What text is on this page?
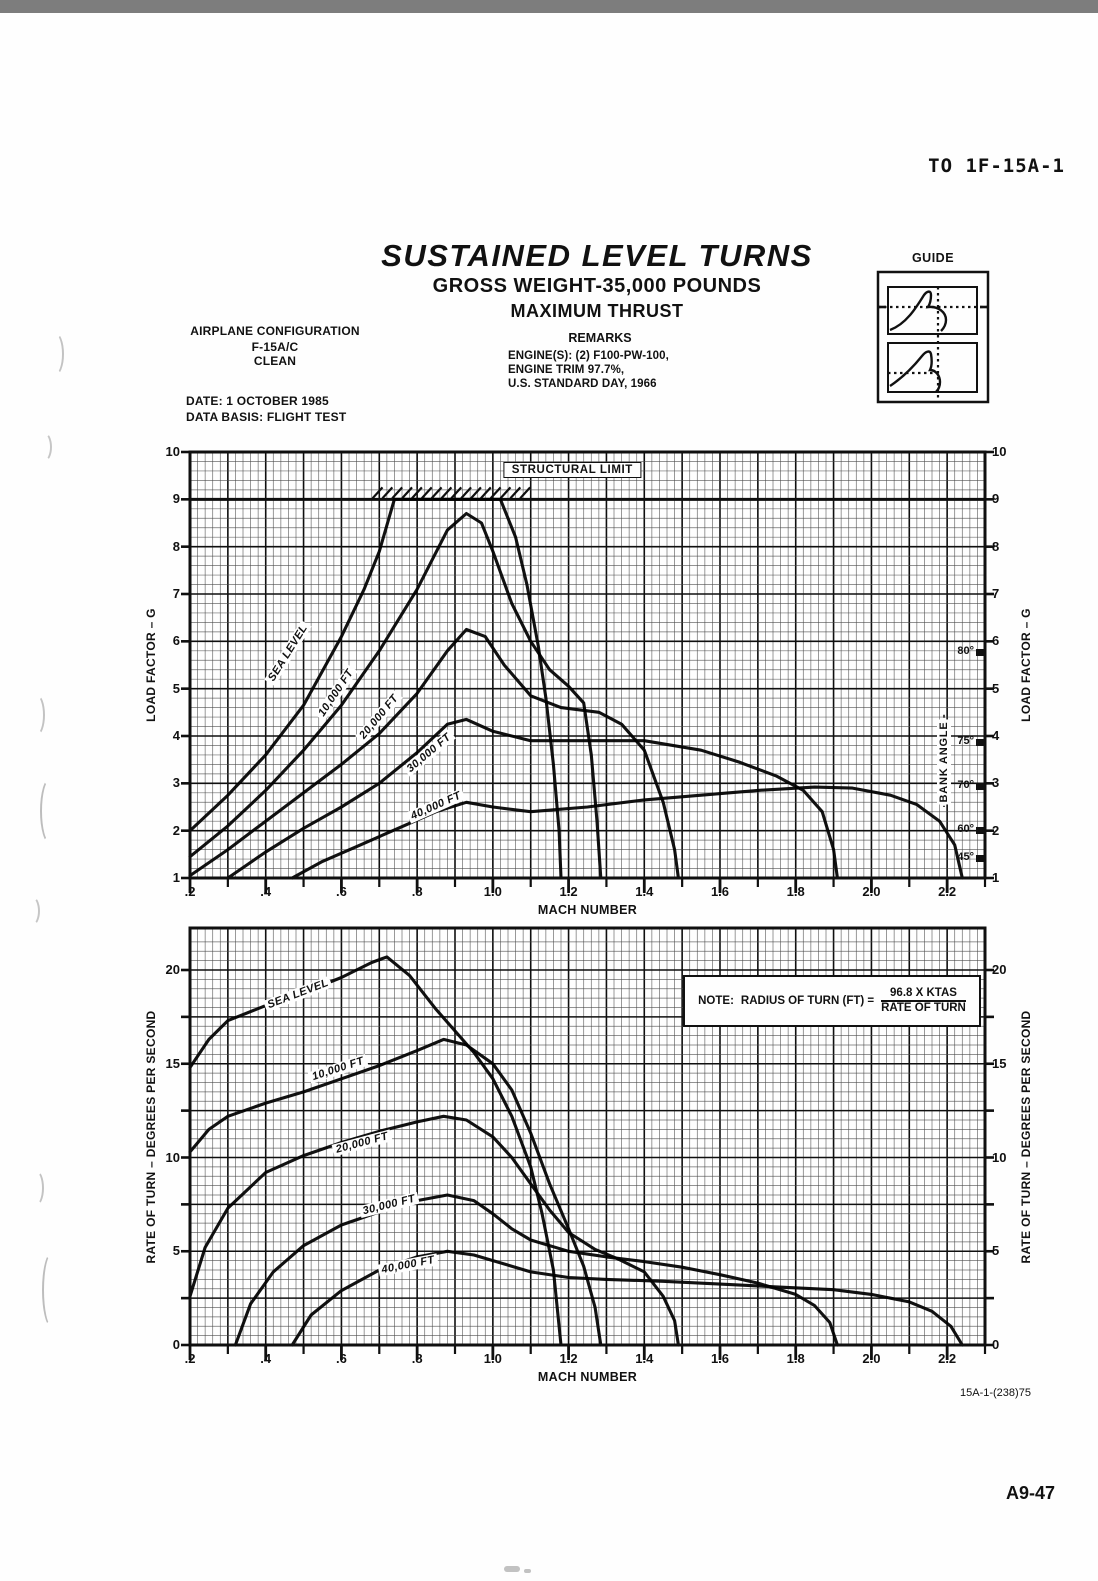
TO 1F-15A-1
SUSTAINED LEVEL TURNS
GROSS WEIGHT-35,000 POUNDS
MAXIMUM THRUST
AIRPLANE CONFIGURATION
F-15A/C
CLEAN
DATE: 1 OCTOBER 1985
DATA BASIS: FLIGHT TEST
REMARKS
ENGINE(S): (2) F100-PW-100,
ENGINE TRIM 97.7%,
U.S. STANDARD DAY, 1966
GUIDE
1	1
2	2
3	3
4	4
5	5
6	6
7	7
8	8
9	9
10	10
.2	.4	.6	.8	1.0	1.2	1.4	1.6	1.8	2.0	2.2
MACH NUMBER
LOAD FACTOR – G	LOAD FACTOR – G
SEA LEVEL
10,000 FT 20,000 FT
30,000 FT
40,000 FT
STRUCTURAL LIMIT
80°
75°
70°
60°
45°
BANK ANGLE
0	0
5	5
10	10
15	15
20	20
.2	.4	.6	.8	1.0	1.2	1.4	1.6	1.8	2.0	2.2
MACH NUMBER
RATE OF TURN – DEGREES PER SECOND	RATE OF TURN – DEGREES PER SECOND
SEA LEVEL
10,000 FT
20,000 FT
30,000 FT
40,000 FT
NOTE: RADIUS OF TURN $(FT) = \frac{\text{96.8 X KTAS}}{\text{RATE OF TURN}}$
A9-47
15A-1-(238)75
